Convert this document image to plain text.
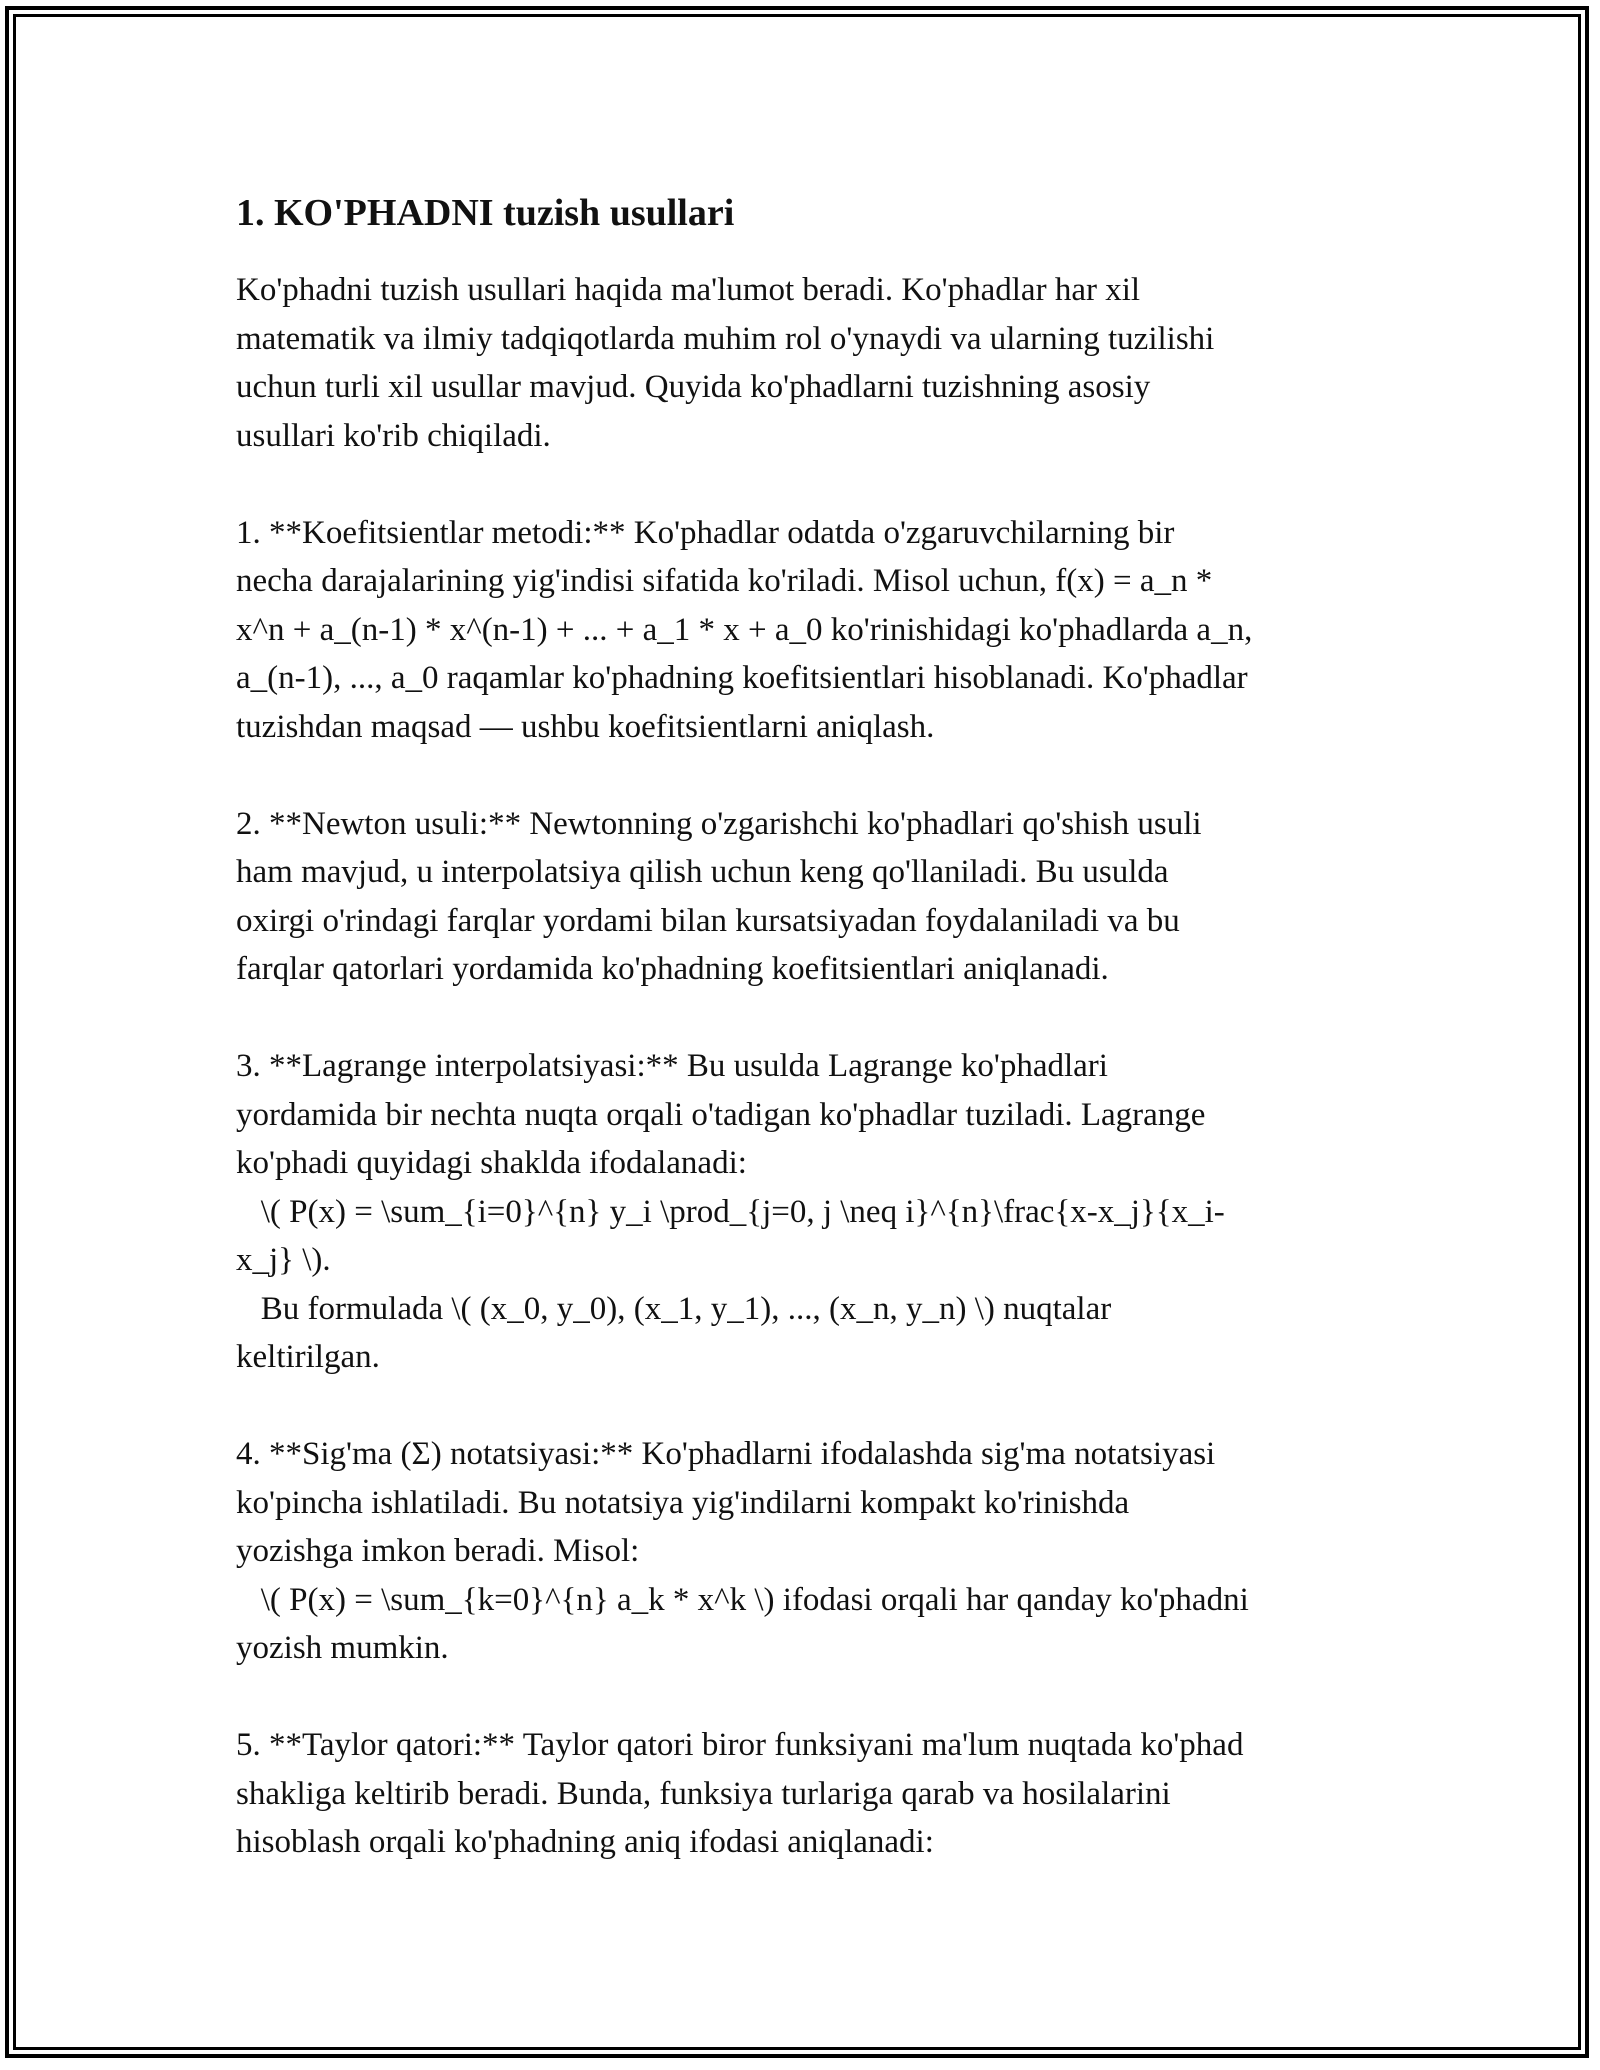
1. KO'PHADNI tuzish usullari

Ko'phadni tuzish usullari haqida ma'lumot beradi. Ko'phadlar har xil
matematik va ilmiy tadqiqotlarda muhim rol o'ynaydi va ularning tuzilishi
uchun turli xil usullar mavjud. Quyida ko'phadlarni tuzishning asosiy
usullari ko'rib chiqiladi.

1. **Koefitsientlar metodi:** Ko'phadlar odatda o'zgaruvchilarning bir
necha darajalarining yig'indisi sifatida ko'riladi. Misol uchun, f(x) = a_n *
x^n + a_(n-1) * x^(n-1) + ... + a_1 * x + a_0 ko'rinishidagi ko'phadlarda a_n,
a_(n-1), ..., a_0 raqamlar ko'phadning koefitsientlari hisoblanadi. Ko'phadlar
tuzishdan maqsad — ushbu koefitsientlarni aniqlash.

2. **Newton usuli:** Newtonning o'zgarishchi ko'phadlari qo'shish usuli
ham mavjud, u interpolatsiya qilish uchun keng qo'llaniladi. Bu usulda
oxirgi o'rindagi farqlar yordami bilan kursatsiyadan foydalaniladi va bu
farqlar qatorlari yordamida ko'phadning koefitsientlari aniqlanadi.

3. **Lagrange interpolatsiyasi:** Bu usulda Lagrange ko'phadlari
yordamida bir nechta nuqta orqali o'tadigan ko'phadlar tuziladi. Lagrange
ko'phadi quyidagi shaklda ifodalanadi:
\( P(x) = \sum_{i=0}^{n} y_i \prod_{j=0, j \neq i}^{n}\frac{x-x_j}{x_i-
x_j} \).
Bu formulada \( (x_0, y_0), (x_1, y_1), ..., (x_n, y_n) \) nuqtalar
keltirilgan.

4. **Sig'ma (Σ) notatsiyasi:** Ko'phadlarni ifodalashda sig'ma notatsiyasi
ko'pincha ishlatiladi. Bu notatsiya yig'indilarni kompakt ko'rinishda
yozishga imkon beradi. Misol:
\( P(x) = \sum_{k=0}^{n} a_k * x^k \) ifodasi orqali har qanday ko'phadni
yozish mumkin.

5. **Taylor qatori:** Taylor qatori biror funksiyani ma'lum nuqtada ko'phad
shakliga keltirib beradi. Bunda, funksiya turlariga qarab va hosilalarini
hisoblash orqali ko'phadning aniq ifodasi aniqlanadi:
